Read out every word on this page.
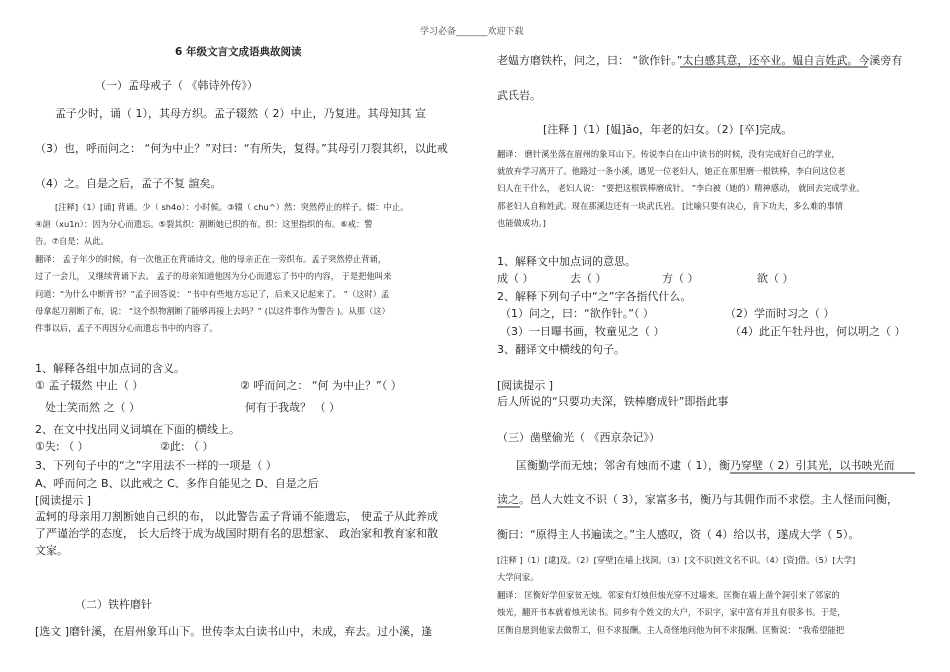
学习必备_______欢迎下载
6 年级文言文成语典故阅读
（一）孟母戒子（ 《韩诗外传》）
孟子少时，诵（ 1），其母方织。孟子辍然（ 2）中止，乃复进。其母知其 宣
（3）也，呼而问之： “何为中止？”对曰：“有所失，复得。”其母引刀裂其织，以此戒
（4）之。自是之后，孟子不复 諠矣。
[注释]（1）[诵] 背诵。少（ sh4o）：小时候。③辍（ chu^）然：突然停止的样子。辍：中止。
④諠（xu1n）：因为分心而遗忘。⑤裂其织：割断她已织的布。织：这里指织的布。⑥戒：警
告。⑦自是：从此。
翻译： 孟子年少的时候，有一次他正在背诵诗文，他的母亲正在一旁织布。孟子突然停止背诵，
过了一会儿， 又继续背诵下去。 孟子的母亲知道他因为分心而遗忘了书中的内容， 于是把他叫来
问道：“为什么中断背书？”孟子回答说： “书中有些地方忘记了，后来又记起来了。 ”（这时）孟
母拿起刀割断了布，说： “这个织物割断了能够再接上去吗？” (以这件事作为警告 )。从那（这）
件事以后，孟子不再因分心而遗忘书中的内容了。
1、解释各组中加点词的含义。
① 孟子辍然 中止（ ）	② 呼而问之： “何 为中止？”（ ）
处士笑而然 之（ ）	何有于我哉？ （ ）
2、在文中找出同义词填在下面的横线上。
①失: （ ）	②此: （ ）
3、下列句子中的“之”字用法不一样的一项是（ ）
A、呼而问之 B、以此戒之 C、多作自能见之 D、自是之后
[阅读提示 ]
孟轲的母亲用刀割断她自己织的布， 以此警告孟子背诵不能遗忘， 使孟子从此养成
了严谨治学的态度， 长大后终于成为战国时期有名的思想家、 政治家和教育家和散
文家。
（二）铁杵磨针
[选文 ]磨针溪，在眉州象耳山下。世传李太白读书山中，未成，弃去。过小溪，逢
老媪方磨铁杵，问之，曰： “欲作针。”太白感其意，还卒业。媪自言姓武。今溪旁有
武氏岩。
[注释 ]（1）[媪]ǎo，年老的妇女。（2）[卒]完成。
翻译： 磨针溪坐落在眉州的象耳山下。传说李白在山中读书的时候，没有完成好自己的学业，
就放弃学习离开了。他路过一条小溪，遇见一位老妇人，她正在那里磨一根铁棒，李白问这位老
妇人在干什么， 老妇人说： “要把这根铁棒磨成针。 ”李白被（她的）精神感动， 就回去完成学业。
那老妇人自称姓武。现在那溪边还有一块武氏岩。 [比喻只要有决心，肯下功夫，多么难的事情
也能做成功。]
1、解释文中加点词的意思。
成（ ）	去（ ）	方（ ）	欲（ ）
2、解释下列句子中“之”字各指代什么。
（1）问之，曰：“欲作针。”（ ）	（2）学而时习之（ ）
（3）一日曝书画，牧童见之（ ）	（4）此正午牡丹也，何以明之（ ）
3、翻译文中横线的句子。
[阅读提示 ]
后人所说的“只要功夫深，铁棒磨成针”即指此事
（三）凿壁偷光（ 《西京杂记》）
匡衡勤学而无烛；邻舍有烛而不逮（ 1），衡乃穿壁（ 2）引其光，以书映光而
读之。邑人大姓文不识（ 3），家富多书，衡乃与其佣作而不求偿。主人怪而问衡，
衡曰：“原得主人书遍读之。”主人感叹，资（ 4）给以书，遂成大学（ 5）。
[注释 ]（1）[逮]及。（2）[穿壁]在墙上找洞。（3）[文不识]姓文名不识。（4）[资]借。（5）[大学]
大学问家。
翻译： 匡衡好学但家贫无烛。邻家有灯烛但烛光穿不过墙来。匡衡在墙上凿个洞引来了邻家的
烛光，翻开书本就着烛光读书。同乡有个姓文的大户，不识字，家中富有并且有很多书。于是，
匡衡自愿到他家去做帮工，但不求报酬。主人奇怪地问他为何不求报酬。匡衡说： “我希望能把
